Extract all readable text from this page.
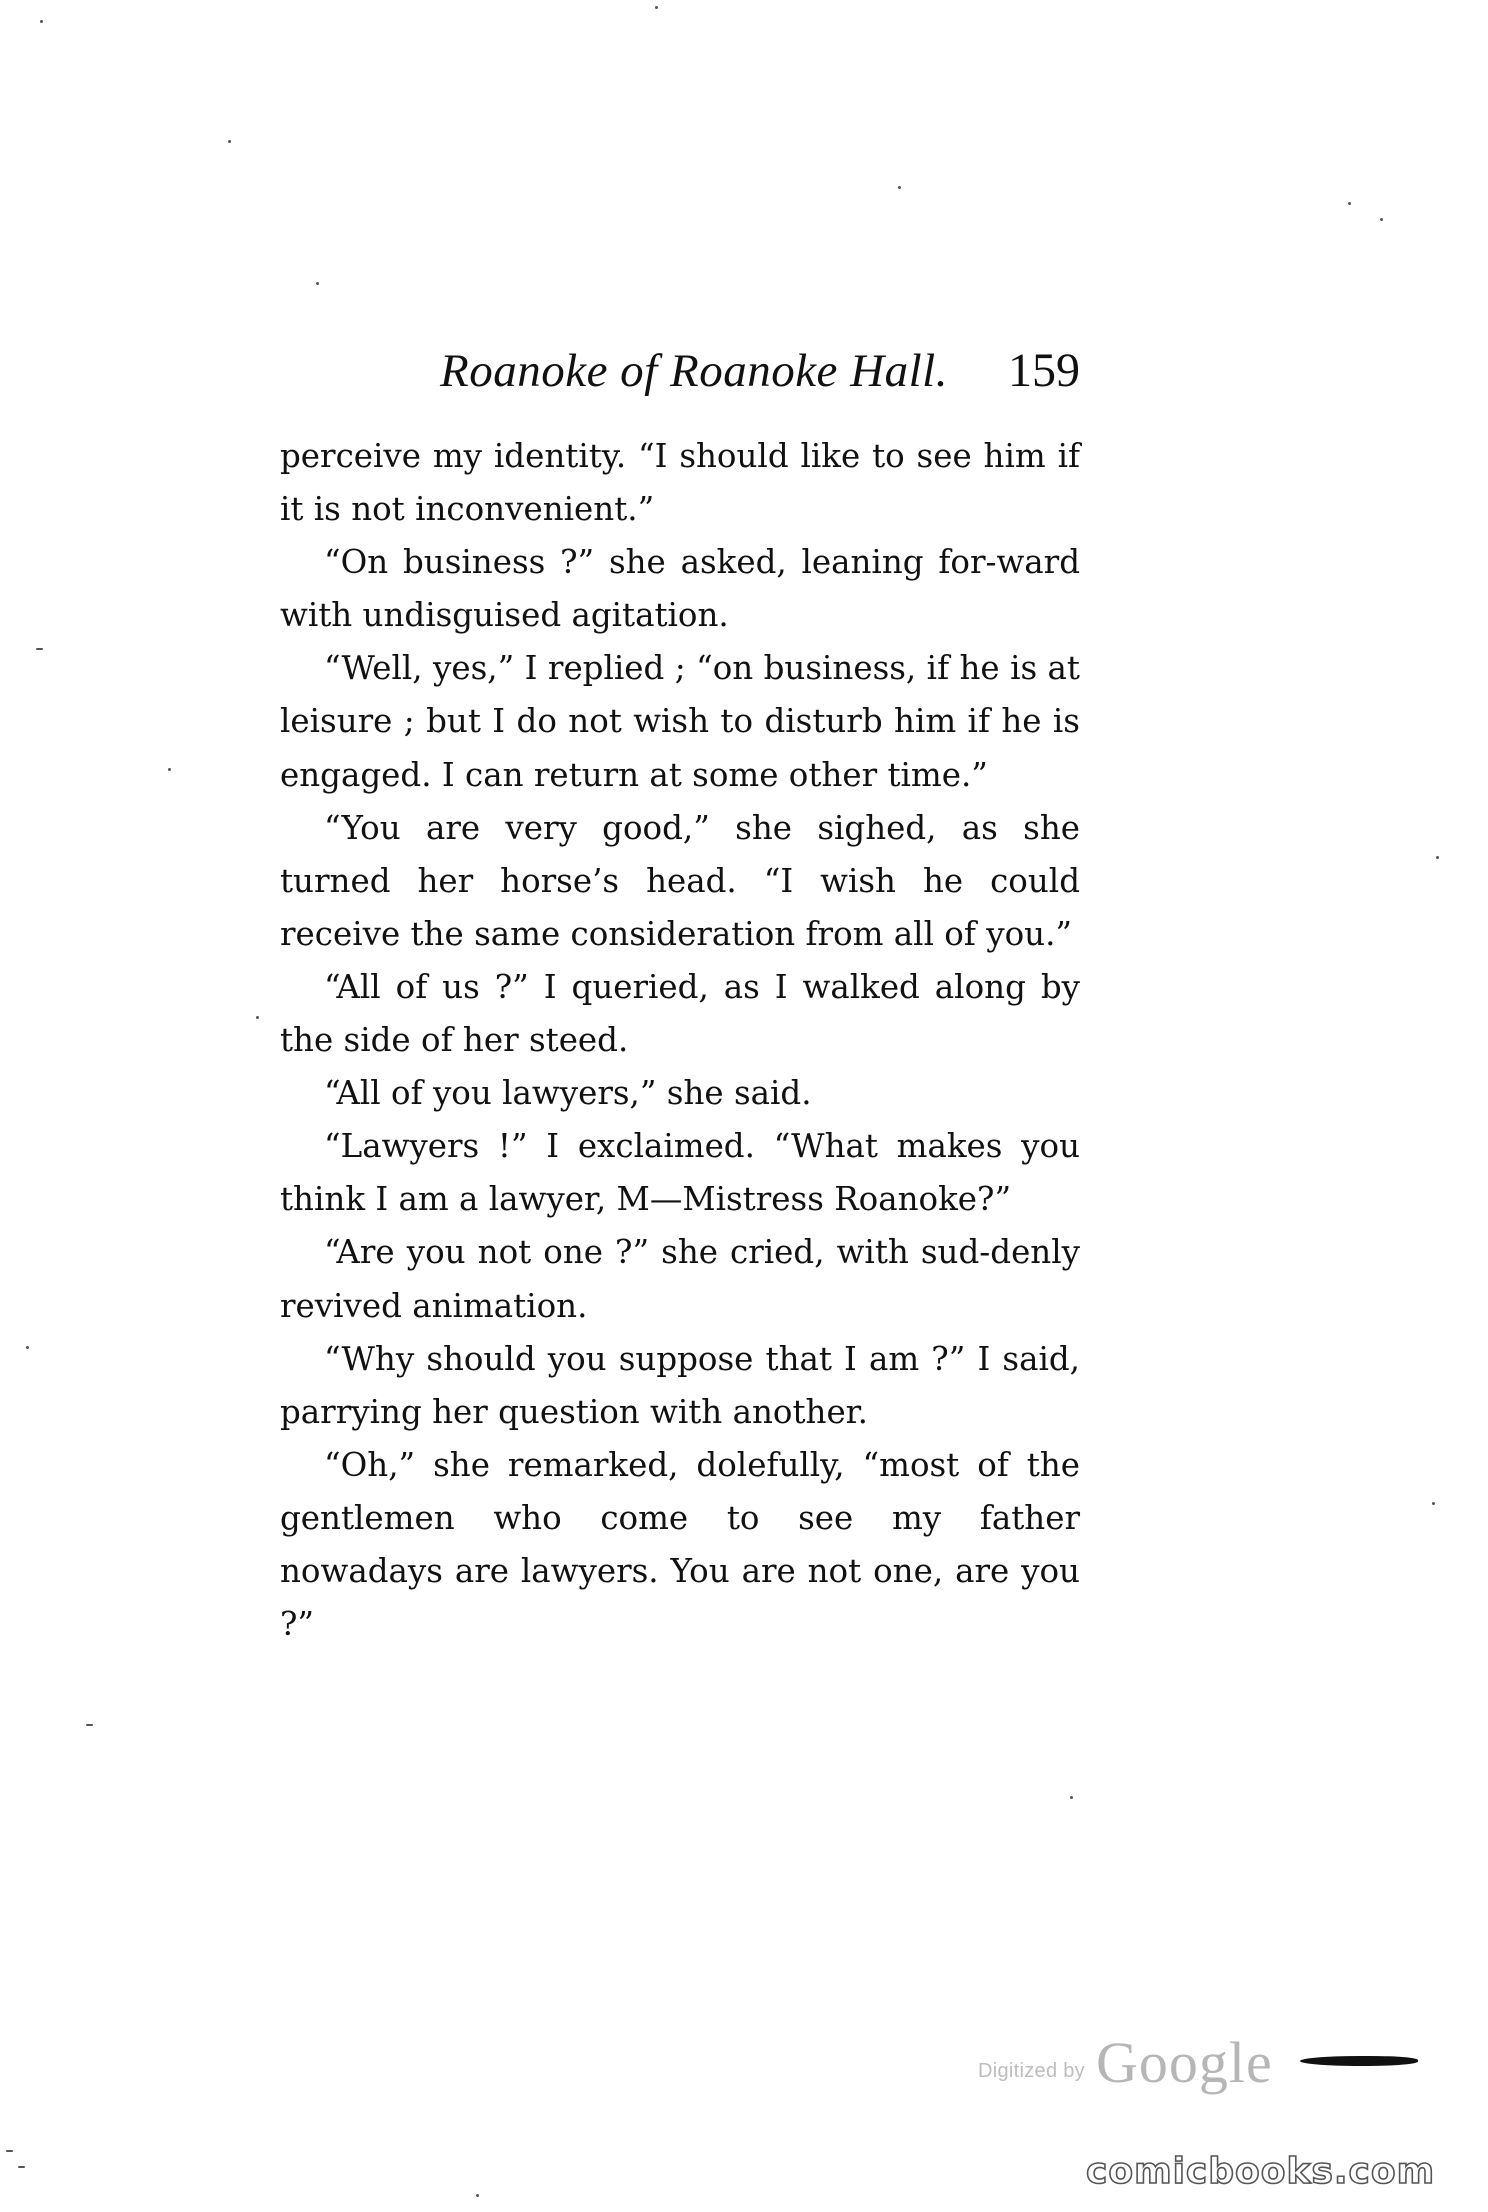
Roanoke of Roanoke Hall. 159

perceive my identity. “I should like to see him if it is not inconvenient.”

“On business ?” she asked, leaning for-ward with undisguised agitation.

“Well, yes,” I replied ; “on business, if he is at leisure ; but I do not wish to disturb him if he is engaged. I can return at some other time.”

“You are very good,” she sighed, as she turned her horse’s head. “I wish he could receive the same consideration from all of you.”

“All of us ?” I queried, as I walked along by the side of her steed.

“All of you lawyers,” she said.

“Lawyers !” I exclaimed. “What makes you think I am a lawyer, M—Mistress Roanoke?”

“Are you not one ?” she cried, with sud-denly revived animation.

“Why should you suppose that I am ?” I said, parrying her question with another.

“Oh,” she remarked, dolefully, “most of the gentlemen who come to see my father nowadays are lawyers. You are not one, are you ?”

Digitized by Google
comicbooks.com
